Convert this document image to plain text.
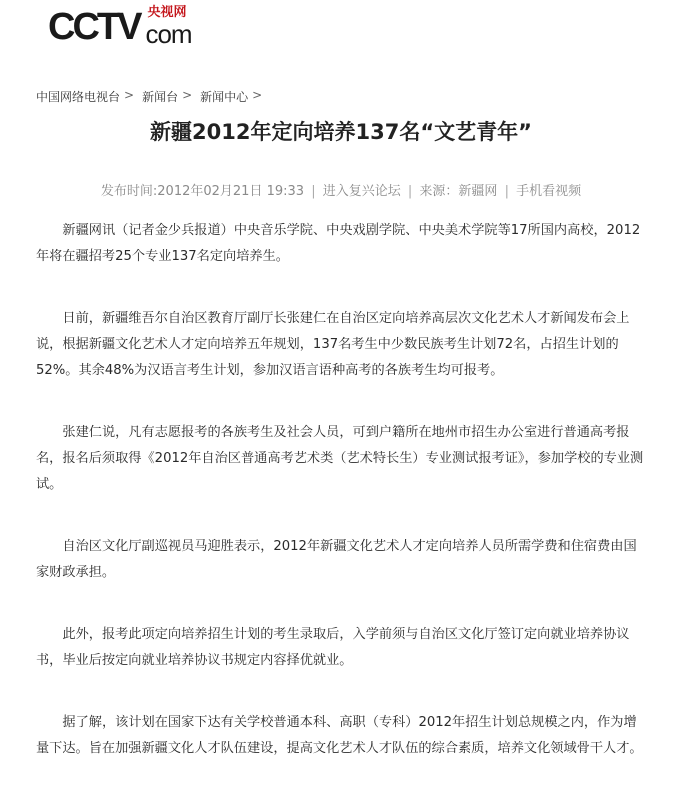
CCTV 央视网
com
中国网络电视台 > 新闻台 > 新闻中心 >
新疆2012年定向培养137名“文艺青年”
发布时间:2012年02月21日 19:33 | 进入复兴论坛 | 来源：新疆网 | 手机看视频

新疆网讯（记者金少兵报道）中央音乐学院、中央戏剧学院、中央美术学院等17所国内高校，2012年将在疆招考25个专业137名定向培养生。

日前，新疆维吾尔自治区教育厅副厅长张建仁在自治区定向培养高层次文化艺术人才新闻发布会上说，根据新疆文化艺术人才定向培养五年规划，137名考生中少数民族考生计划72名，占招生计划的52%。其余48%为汉语言考生计划，参加汉语言语种高考的各族考生均可报考。

张建仁说，凡有志愿报考的各族考生及社会人员，可到户籍所在地州市招生办公室进行普通高考报名，报名后须取得《2012年自治区普通高考艺术类（艺术特长生）专业测试报考证》，参加学校的专业测试。

自治区文化厅副巡视员马迎胜表示，2012年新疆文化艺术人才定向培养人员所需学费和住宿费由国家财政承担。

此外，报考此项定向培养招生计划的考生录取后，入学前须与自治区文化厅签订定向就业培养协议书，毕业后按定向就业培养协议书规定内容择优就业。

据了解，该计划在国家下达有关学校普通本科、高职（专科）2012年招生计划总规模之内，作为增量下达。旨在加强新疆文化人才队伍建设，提高文化艺术人才队伍的综合素质，培养文化领域骨干人才。
